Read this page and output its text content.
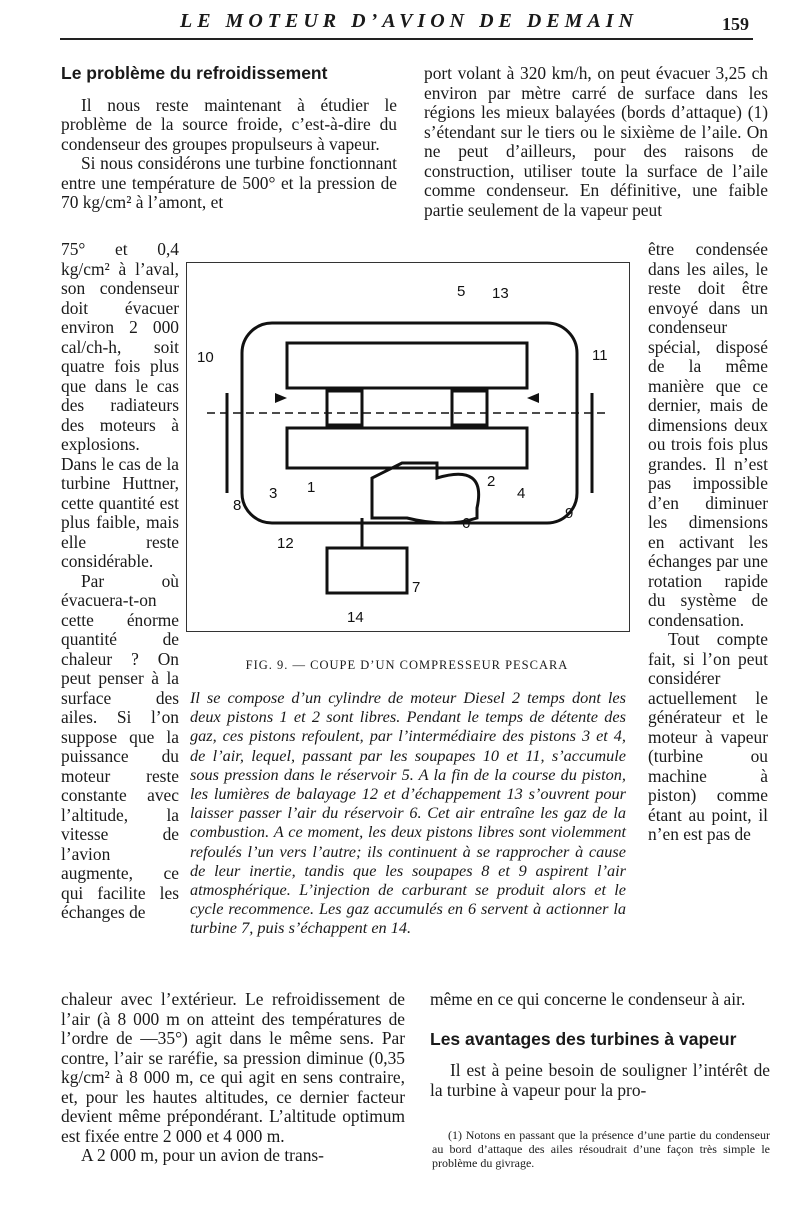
LE MOTEUR D’AVION DE DEMAIN	159
Le problème du refroidissement

Il nous reste maintenant à étudier le problème de la source froide, c’est-à-dire du condenseur des groupes propulseurs à vapeur.

Si nous considérons une turbine fonctionnant entre une température de 500° et la pression de 70 kg/cm² à l’amont, et

port volant à 320 km/h, on peut évacuer 3,25 ch environ par mètre carré de surface dans les régions les mieux balayées (bords d’attaque) (1) s’étendant sur le tiers ou le sixième de l’aile. On ne peut d’ailleurs, pour des raisons de construction, utiliser toute la surface de l’aile comme condenseur. En définitive, une faible partie seulement de la vapeur peut

75° et 0,4 kg/cm² à l’aval, son condenseur doit évacuer environ 2 000 cal/ch-h, soit quatre fois plus que dans le cas des radiateurs des moteurs à explosions. Dans le cas de la turbine Huttner, cette quantité est plus faible, mais elle reste considérable.

Par où évacuera-t-on cette énorme quantité de chaleur ? On peut penser à la surface des ailes. Si l’on suppose que la puissance du moteur reste constante avec l’altitude, la vitesse de l’avion augmente, ce qui facilite les échanges de

être condensée dans les ailes, le reste doit être envoyé dans un condenseur spécial, disposé de la même manière que ce dernier, mais de dimensions deux ou trois fois plus grandes. Il n’est pas impossible d’en diminuer les dimensions en activant les échanges par une rotation rapide du système de condensation.

Tout compte fait, si l’on peut considérer actuellement le générateur et le moteur à vapeur (turbine ou machine à piston) comme étant au point, il n’en est pas de

5 13
10	11
1	2
3	4
6
7
8	9
12
14
FIG. 9. — COUPE D’UN COMPRESSEUR PESCARA
Il se compose d’un cylindre de moteur Diesel 2 temps dont les deux pistons 1 et 2 sont libres. Pendant le temps de détente des gaz, ces pistons refoulent, par l’intermédiaire des pistons 3 et 4, de l’air, lequel, passant par les soupapes 10 et 11, s’accumule sous pression dans le réservoir 5. A la fin de la course du piston, les lumières de balayage 12 et d’échappement 13 s’ouvrent pour laisser passer l’air du réservoir 6. Cet air entraîne les gaz de la combustion. A ce moment, les deux pistons libres sont violemment refoulés l’un vers l’autre; ils continuent à se rapprocher à cause de leur inertie, tandis que les soupapes 8 et 9 aspirent l’air atmosphérique. L’injection de carburant se produit alors et le cycle recommence. Les gaz accumulés en 6 servent à actionner la turbine 7, puis s’échappent en 14.

chaleur avec l’extérieur. Le refroidissement de l’air (à 8 000 m on atteint des températures de l’ordre de —35°) agit dans le même sens. Par contre, l’air se raréfie, sa pression diminue (0,35 kg/cm² à 8 000 m, ce qui agit en sens contraire, et, pour les hautes altitudes, ce dernier facteur devient même prépondérant. L’altitude optimum est fixée entre 2 000 et 4 000 m.

A 2 000 m, pour un avion de trans-

même en ce qui concerne le condenseur à air.

Les avantages des turbines à vapeur

Il est à peine besoin de souligner l’intérêt de la turbine à vapeur pour la pro-

(1) Notons en passant que la présence d’une partie du condenseur au bord d’attaque des ailes résoudrait d’une façon très simple le problème du givrage.
